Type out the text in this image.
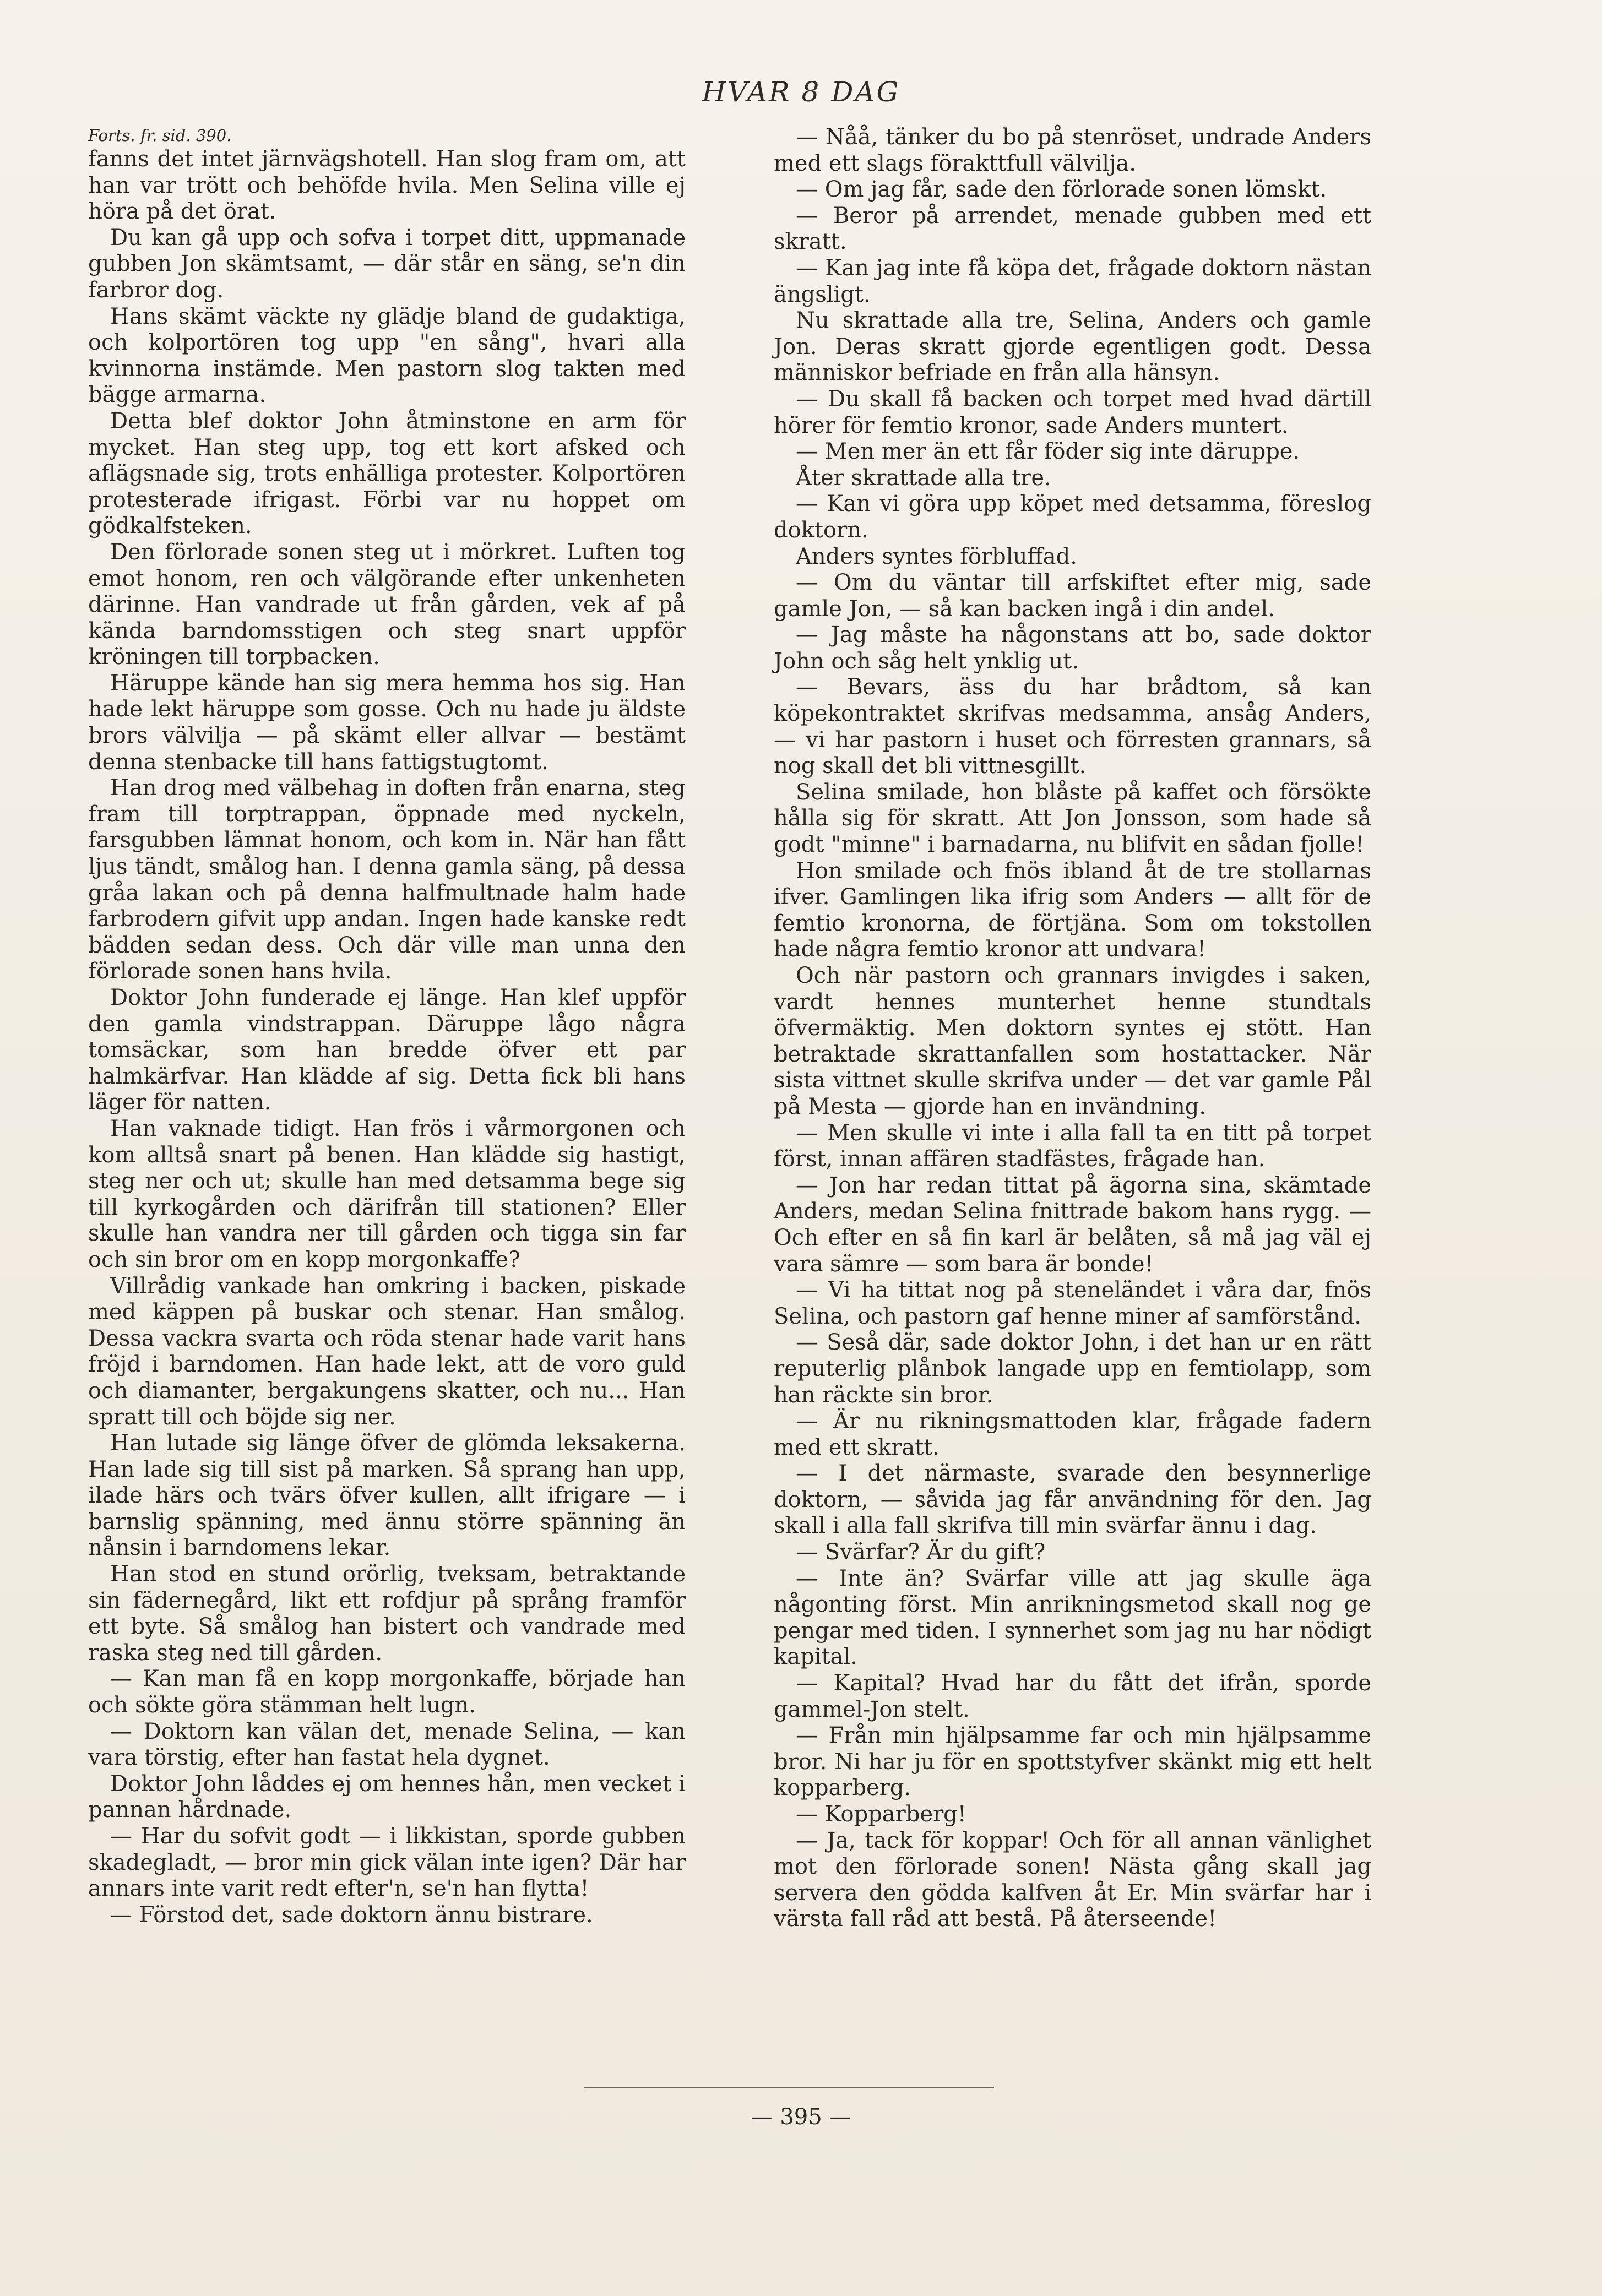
HVAR 8 DAG
Forts. fr. sid. 390.

fanns det intet järnvägshotell. Han slog fram om, att han var trött och behöfde hvila. Men Selina ville ej höra på det örat.

Du kan gå upp och sofva i torpet ditt, uppmanade gubben Jon skämtsamt, — där står en säng, se'n din farbror dog.

Hans skämt väckte ny glädje bland de gudaktiga, och kolportören tog upp "en sång", hvari alla kvinnorna instämde. Men pastorn slog takten med bägge armarna.

Detta blef doktor John åtminstone en arm för mycket. Han steg upp, tog ett kort afsked och aflägsnade sig, trots enhälliga protester. Kolportören protesterade ifrigast. Förbi var nu hoppet om gödkalfsteken.

Den förlorade sonen steg ut i mörkret. Luften tog emot honom, ren och välgörande efter unkenheten därinne. Han vandrade ut från gården, vek af på kända barndomsstigen och steg snart uppför kröningen till torpbacken.

Häruppe kände han sig mera hemma hos sig. Han hade lekt häruppe som gosse. Och nu hade ju äldste brors välvilja — på skämt eller allvar — bestämt denna stenbacke till hans fattigstugtomt.

Han drog med välbehag in doften från enarna, steg fram till torptrappan, öppnade med nyckeln, farsgubben lämnat honom, och kom in. När han fått ljus tändt, smålog han. I denna gamla säng, på dessa gråa lakan och på denna halfmultnade halm hade farbrodern gifvit upp andan. Ingen hade kanske redt bädden sedan dess. Och där ville man unna den förlorade sonen hans hvila.

Doktor John funderade ej länge. Han klef uppför den gamla vindstrappan. Däruppe lågo några tomsäckar, som han bredde öfver ett par halmkärfvar. Han klädde af sig. Detta fick bli hans läger för natten.

Han vaknade tidigt. Han frös i vårmorgonen och kom alltså snart på benen. Han klädde sig hastigt, steg ner och ut; skulle han med detsamma bege sig till kyrkogården och därifrån till stationen? Eller skulle han vandra ner till gården och tigga sin far och sin bror om en kopp morgonkaffe?

Villrådig vankade han omkring i backen, piskade med käppen på buskar och stenar. Han smålog. Dessa vackra svarta och röda stenar hade varit hans fröjd i barndomen. Han hade lekt, att de voro guld och diamanter, bergakungens skatter, och nu... Han spratt till och böjde sig ner.

Han lutade sig länge öfver de glömda leksakerna. Han lade sig till sist på marken. Så sprang han upp, ilade härs och tvärs öfver kullen, allt ifrigare — i barnslig spänning, med ännu större spänning än nånsin i barndomens lekar.

Han stod en stund orörlig, tveksam, betraktande sin fädernegård, likt ett rofdjur på språng framför ett byte. Så smålog han bistert och vandrade med raska steg ned till gården.

— Kan man få en kopp morgonkaffe, började han och sökte göra stämman helt lugn.

— Doktorn kan välan det, menade Selina, — kan vara törstig, efter han fastat hela dygnet.

Doktor John låddes ej om hennes hån, men vecket i pannan hårdnade.

— Har du sofvit godt — i likkistan, sporde gubben skadegladt, — bror min gick välan inte igen? Där har annars inte varit redt efter'n, se'n han flytta!

— Förstod det, sade doktorn ännu bistrare.

— Nåå, tänker du bo på stenröset, undrade Anders med ett slags förakttfull välvilja.

— Om jag får, sade den förlorade sonen lömskt.

— Beror på arrendet, menade gubben med ett skratt.

— Kan jag inte få köpa det, frågade doktorn nästan ängsligt.

Nu skrattade alla tre, Selina, Anders och gamle Jon. Deras skratt gjorde egentligen godt. Dessa människor befriade en från alla hänsyn.

— Du skall få backen och torpet med hvad därtill hörer för femtio kronor, sade Anders muntert.

— Men mer än ett får föder sig inte däruppe.

Åter skrattade alla tre.

— Kan vi göra upp köpet med detsamma, föreslog doktorn.

Anders syntes förbluffad.

— Om du väntar till arfskiftet efter mig, sade gamle Jon, — så kan backen ingå i din andel.

— Jag måste ha någonstans att bo, sade doktor John och såg helt ynklig ut.

— Bevars, äss du har brådtom, så kan köpekontraktet skrifvas medsamma, ansåg Anders, — vi har pastorn i huset och förresten grannars, så nog skall det bli vittnesgillt.

Selina smilade, hon blåste på kaffet och försökte hålla sig för skratt. Att Jon Jonsson, som hade så godt "minne" i barnadarna, nu blifvit en sådan fjolle!

Hon smilade och fnös ibland åt de tre stollarnas ifver. Gamlingen lika ifrig som Anders — allt för de femtio kronorna, de förtjäna. Som om tokstollen hade några femtio kronor att undvara!

Och när pastorn och grannars invigdes i saken, vardt hennes munterhet henne stundtals öfvermäktig. Men doktorn syntes ej stött. Han betraktade skrattanfallen som hostattacker. När sista vittnet skulle skrifva under — det var gamle Pål på Mesta — gjorde han en invändning.

— Men skulle vi inte i alla fall ta en titt på torpet först, innan affären stadfästes, frågade han.

— Jon har redan tittat på ägorna sina, skämtade Anders, medan Selina fnittrade bakom hans rygg. — Och efter en så fin karl är belåten, så må jag väl ej vara sämre — som bara är bonde!

— Vi ha tittat nog på steneländet i våra dar, fnös Selina, och pastorn gaf henne miner af samförstånd.

— Seså där, sade doktor John, i det han ur en rätt reputerlig plånbok langade upp en femtiolapp, som han räckte sin bror.

— Är nu rikningsmattoden klar, frågade fadern med ett skratt.

— I det närmaste, svarade den besynnerlige doktorn, — såvida jag får användning för den. Jag skall i alla fall skrifva till min svärfar ännu i dag.

— Svärfar? Är du gift?

— Inte än? Svärfar ville att jag skulle äga någonting först. Min anrikningsmetod skall nog ge pengar med tiden. I synnerhet som jag nu har nödigt kapital.

— Kapital? Hvad har du fått det ifrån, sporde gammel-Jon stelt.

— Från min hjälpsamme far och min hjälpsamme bror. Ni har ju för en spottstyfver skänkt mig ett helt kopparberg.

— Kopparberg!

— Ja, tack för koppar! Och för all annan vänlighet mot den förlorade sonen! Nästa gång skall jag servera den gödda kalfven åt Er. Min svärfar har i värsta fall råd att bestå. På återseende!

— 395 —
